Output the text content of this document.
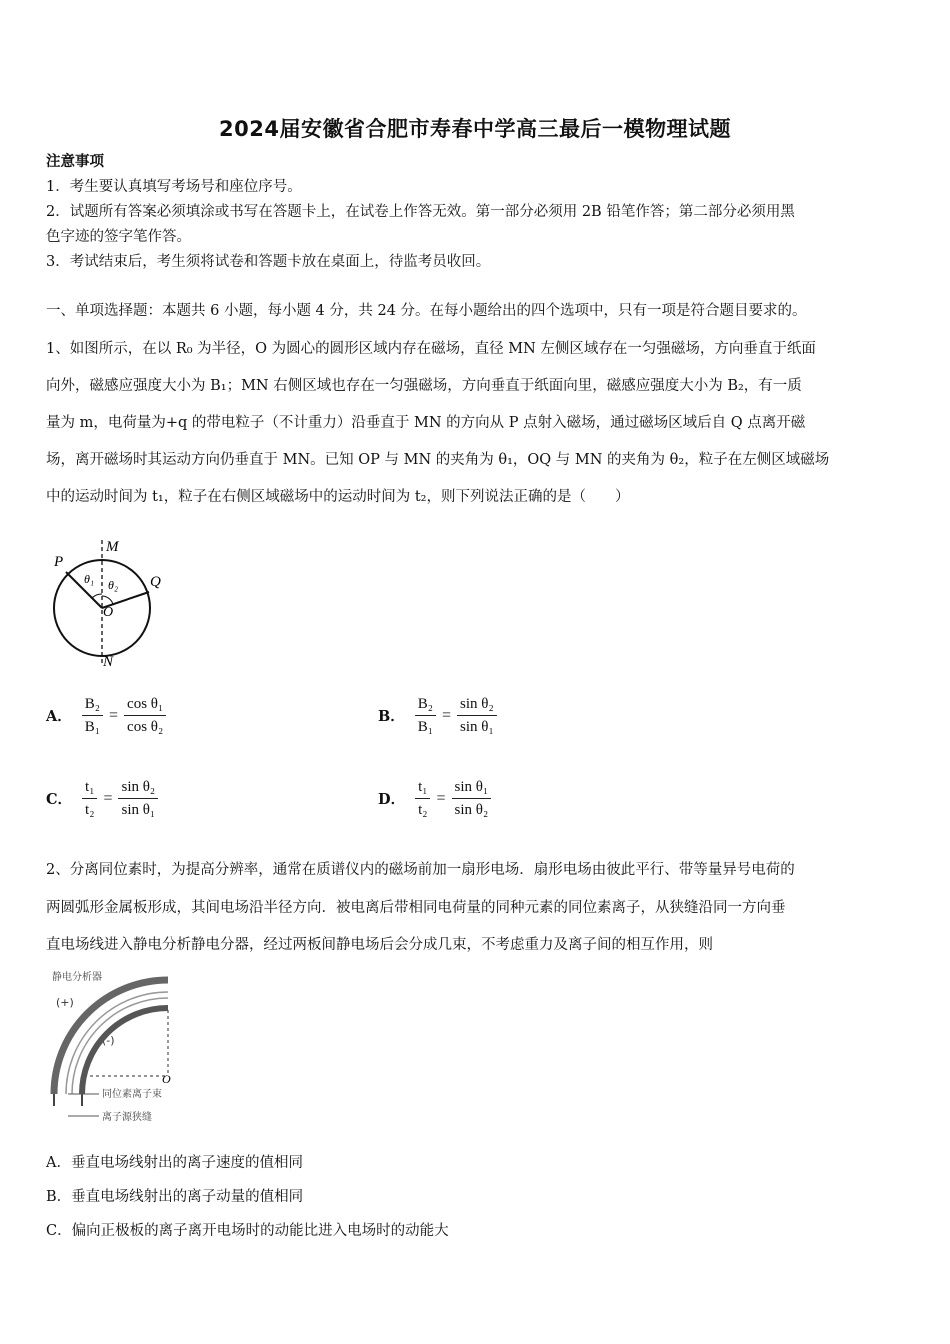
2024届安徽省合肥市寿春中学高三最后一模物理试题
注意事项
1．考生要认真填写考场号和座位序号。
2．试题所有答案必须填涂或书写在答题卡上，在试卷上作答无效。第一部分必须用 2B 铅笔作答；第二部分必须用黑
色字迹的签字笔作答。
3．考试结束后，考生须将试卷和答题卡放在桌面上，待监考员收回。
一、单项选择题：本题共 6 小题，每小题 4 分，共 24 分。在每小题给出的四个选项中，只有一项是符合题目要求的。
1、如图所示，在以 R₀ 为半径，O 为圆心的圆形区域内存在磁场，直径 MN 左侧区域存在一匀强磁场，方向垂直于纸面
向外，磁感应强度大小为 B₁；MN 右侧区域也存在一匀强磁场，方向垂直于纸面向里，磁感应强度大小为 B₂，有一质
量为 m，电荷量为+q 的带电粒子（不计重力）沿垂直于 MN 的方向从 P 点射入磁场，通过磁场区域后自 Q 点离开磁
场，离开磁场时其运动方向仍垂直于 MN。已知 OP 与 MN 的夹角为 θ₁，OQ 与 MN 的夹角为 θ₂，粒子在左侧区域磁场
中的运动时间为 t₁，粒子在右侧区域磁场中的运动时间为 t₂，则下列说法正确的是（　　）
M
N
P
Q
O
θ₁ θ₂
A． $\frac{\text{B₂}}{\text{B₁}} = \frac{\text{cos θ₁}}{\text{cos θ₂}}$	B． $\frac{\text{B₂}}{\text{B₁}} = \frac{\text{sin θ₂}}{\text{sin θ₁}}$
C． $\frac{\text{t₁}}{\text{t₂}} = \frac{\text{sin θ₂}}{\text{sin θ₁}}$	D． $\frac{\text{t₁}}{\text{t₂}} = \frac{\text{sin θ₁}}{\text{sin θ₂}}$
2、分离同位素时，为提高分辨率，通常在质谱仪内的磁场前加一扇形电场．扇形电场由彼此平行、带等量异号电荷的
两圆弧形金属板形成，其间电场沿半径方向．被电离后带相同电荷量的同种元素的同位素离子，从狭缝沿同一方向垂
直电场线进入静电分析静电分器，经过两板间静电场后会分成几束，不考虑重力及离子间的相互作用，则
静电分析器
(+)
(-)
O
同位素离子束
离子源狭缝
A．垂直电场线射出的离子速度的值相同
B．垂直电场线射出的离子动量的值相同
C．偏向正极板的离子离开电场时的动能比进入电场时的动能大
